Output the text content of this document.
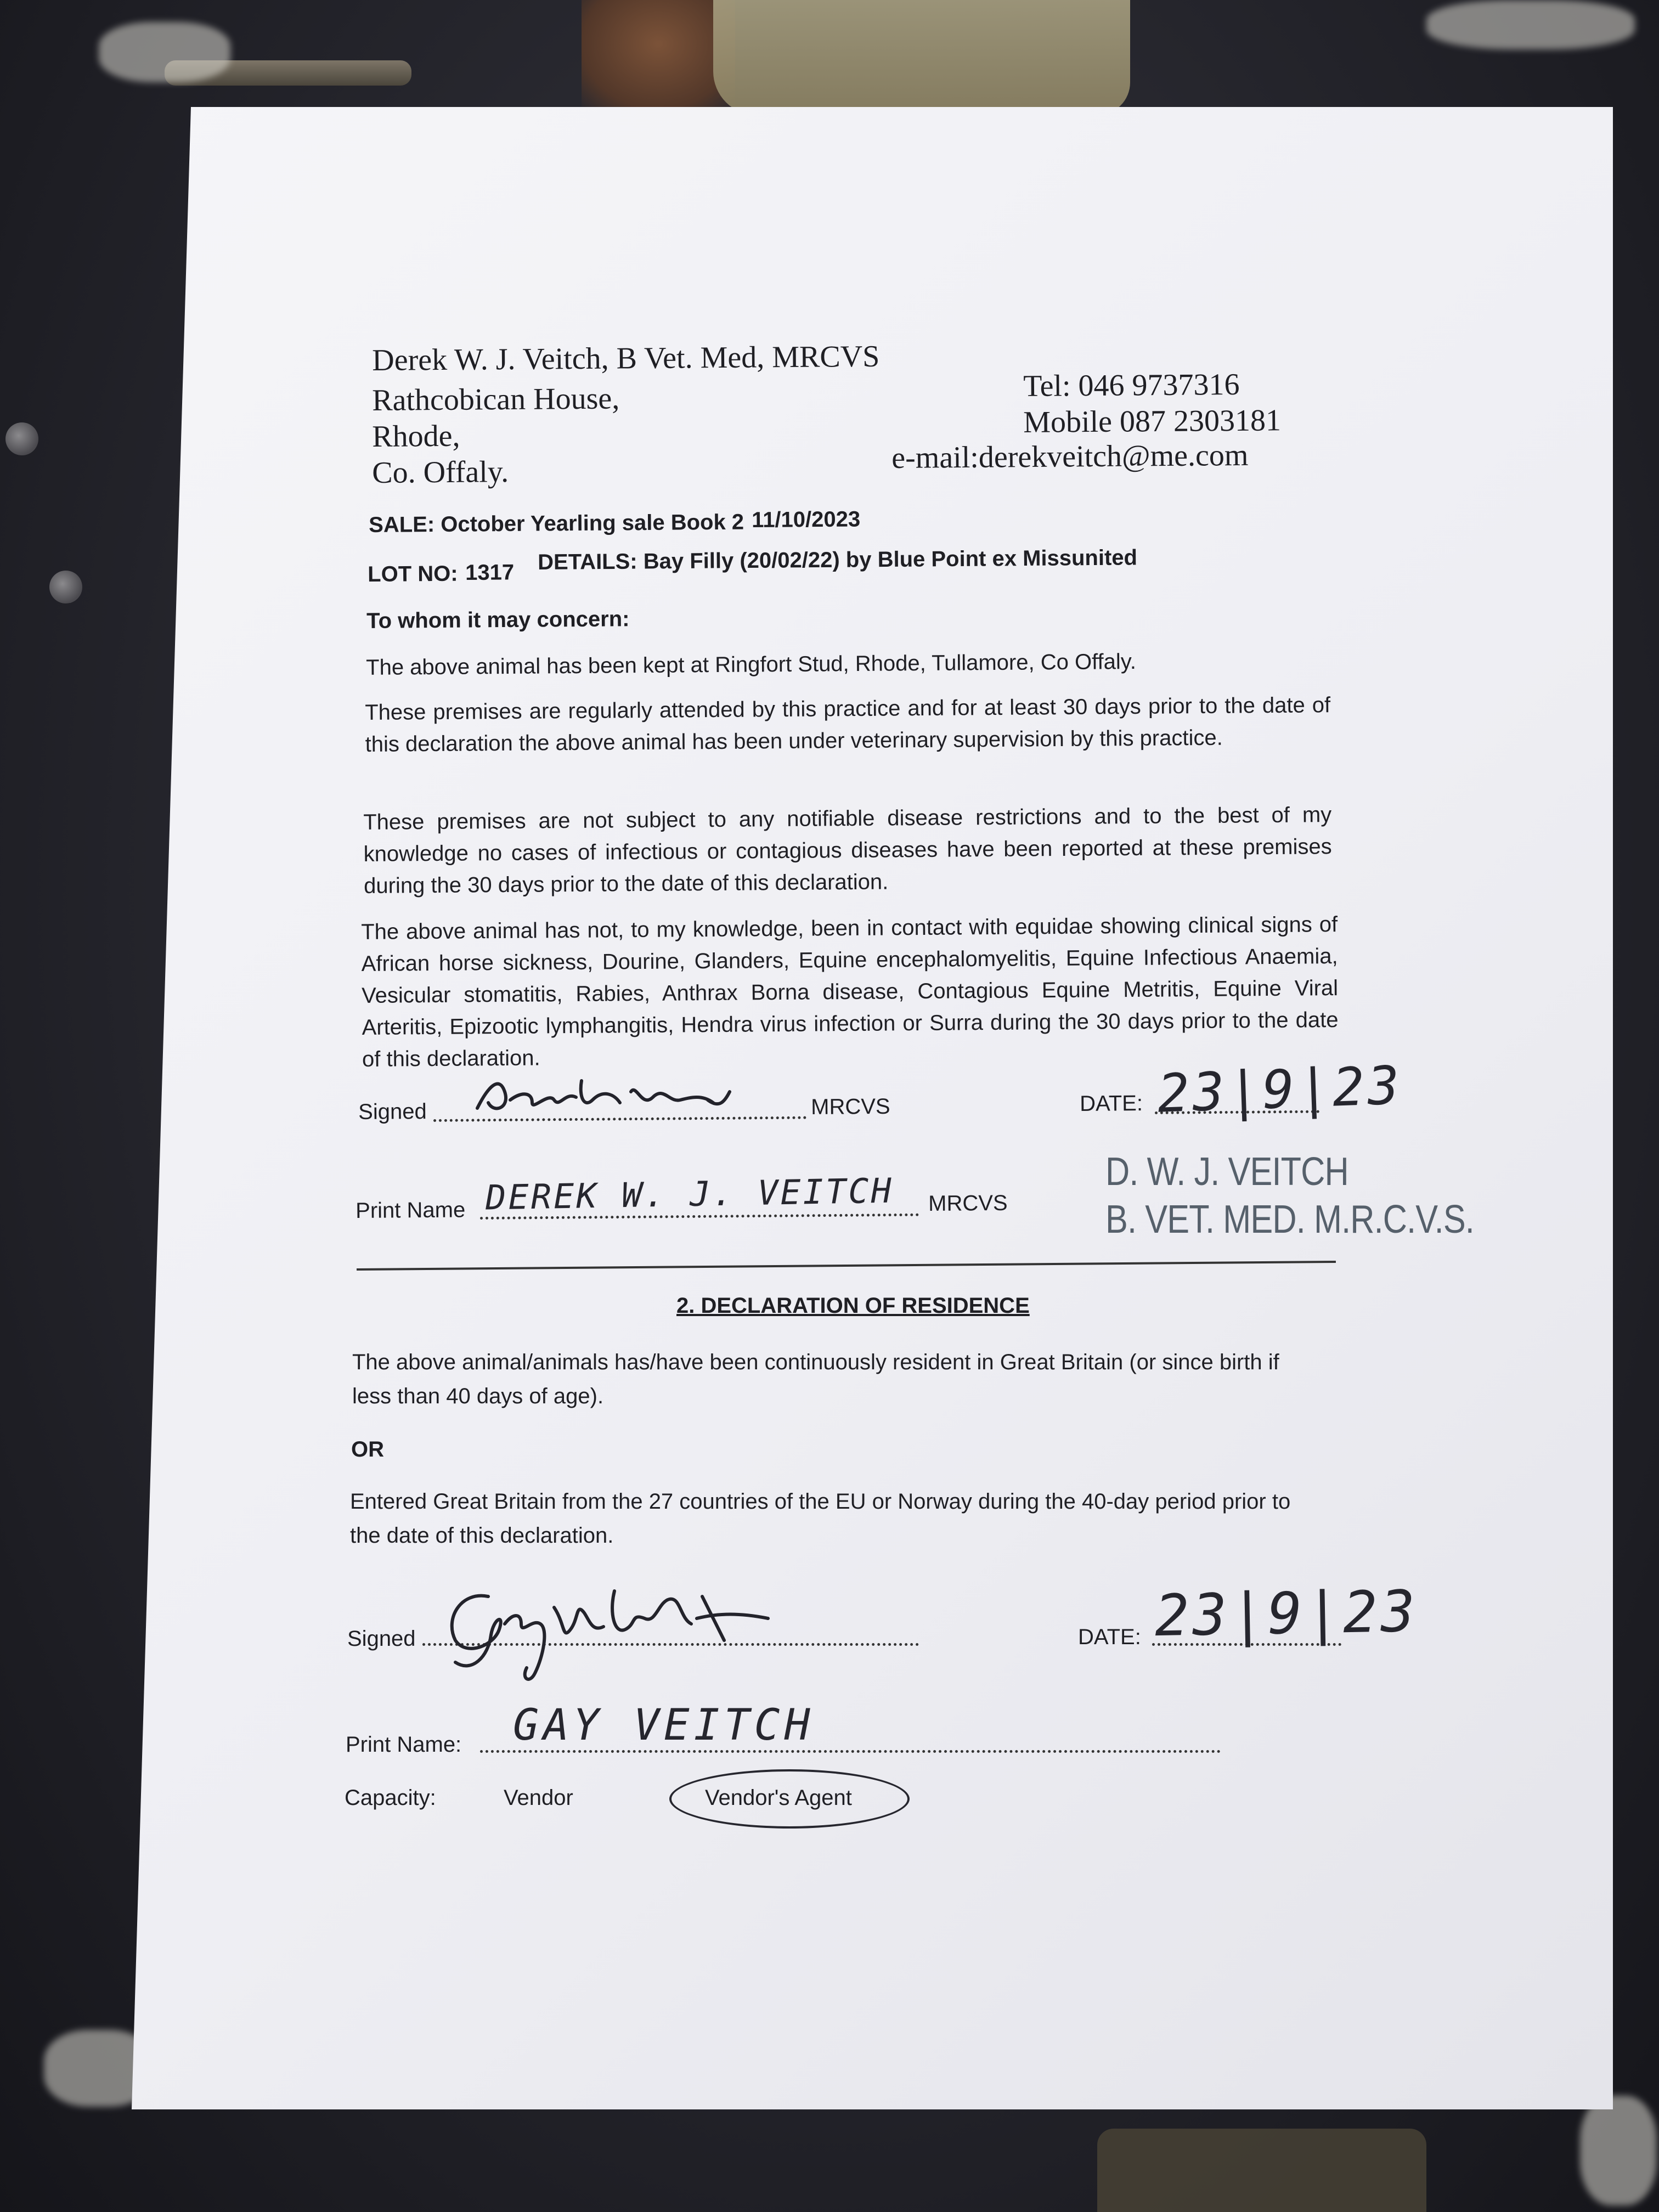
Derek W. J. Veitch, B Vet. Med, MRCVS
Rathcobican House,
Rhode,
Co. Offaly.
Tel: 046 9737316
Mobile 087 2303181
e-mail:derekveitch@me.com
SALE: October Yearling sale Book 2 11/10/2023
LOT NO: 1317 DETAILS: Bay Filly (20/02/22) by Blue Point ex Missunited
To whom it may concern:
The above animal has been kept at Ringfort Stud, Rhode, Tullamore, Co Offaly.
These premises are regularly attended by this practice and for at least 30 days prior to the date of this declaration the above animal has been under veterinary supervision by this practice.
These premises are not subject to any notifiable disease restrictions and to the best of my knowledge no cases of infectious or contagious diseases have been reported at these premises during the 30 days prior to the date of this declaration.
The above animal has not, to my knowledge, been in contact with equidae showing clinical signs of African horse sickness, Dourine, Glanders, Equine encephalomyelitis, Equine Infectious Anaemia, Vesicular stomatitis, Rabies, Anthrax Borna disease, Contagious Equine Metritis, Equine Viral Arteritis, Epizootic lymphangitis, Hendra virus infection or Surra during the 30 days prior to the date of this declaration.
Signed	MRCVS	DATE: 23|9|23
Print Name DEREK W. J. VEITCH MRCVS
D. W. J. VEITCH
B. VET. MED. M.R.C.V.S.
2. DECLARATION OF RESIDENCE
The above animal/animals has/have been continuously resident in Great Britain (or since birth if less than 40 days of age).
OR
Entered Great Britain from the 27 countries of the EU or Norway during the 40-day period prior to the date of this declaration.
Signed	DATE: 23|9|23
Print Name: GAY VEITCH
Capacity:	Vendor	Vendor's Agent
